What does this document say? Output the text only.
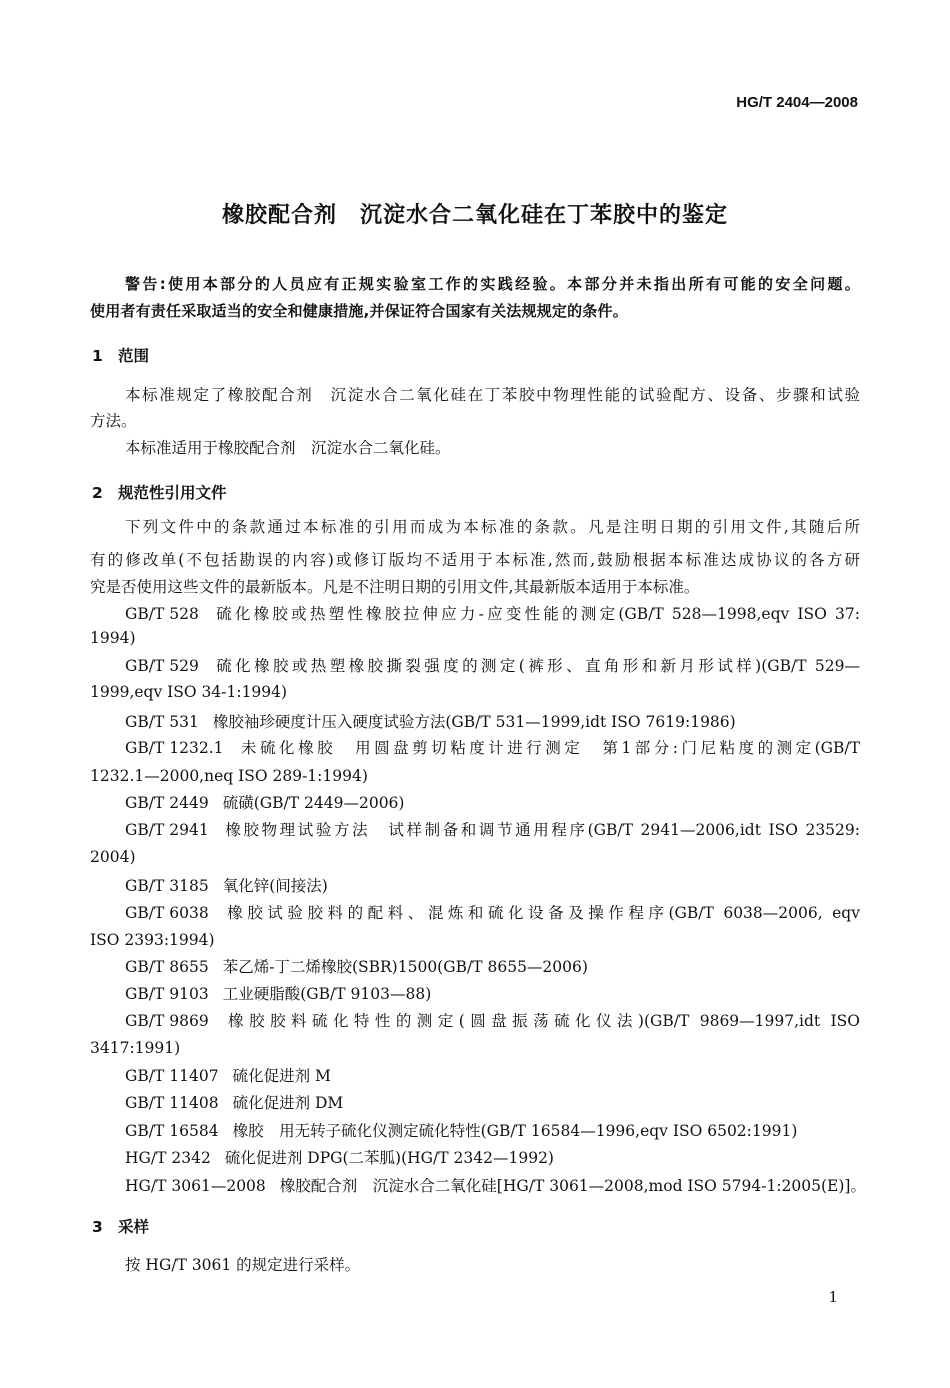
HG/T 2404—2008
橡胶配合剂　沉淀水合二氧化硅在丁苯胶中的鉴定
警告:使用本部分的人员应有正规实验室工作的实践经验。本部分并未指出所有可能的安全问题。
使用者有责任采取适当的安全和健康措施,并保证符合国家有关法规规定的条件。
1 范围
本标准规定了橡胶配合剂　沉淀水合二氧化硅在丁苯胶中物理性能的试验配方、设备、步骤和试验
方法。
本标准适用于橡胶配合剂　沉淀水合二氧化硅。
2 规范性引用文件
下列文件中的条款通过本标准的引用而成为本标准的条款。凡是注明日期的引用文件,其随后所
有的修改单(不包括勘误的内容)或修订版均不适用于本标准,然而,鼓励根据本标准达成协议的各方研
究是否使用这些文件的最新版本。凡是不注明日期的引用文件,其最新版本适用于本标准。
GB/T 528 硫化橡胶或热塑性橡胶拉伸应力-应变性能的测定(GB/T 528—1998,eqv ISO 37:
1994)
GB/T 529 硫化橡胶或热塑橡胶撕裂强度的测定(裤形、直角形和新月形试样)(GB/T 529—
1999,eqv ISO 34-1:1994)
GB/T 531 橡胶袖珍硬度计压入硬度试验方法(GB/T 531—1999,idt ISO 7619:1986)
GB/T 1232.1 未硫化橡胶　用圆盘剪切粘度计进行测定　第1部分:门尼粘度的测定(GB/T
1232.1—2000,neq ISO 289-1:1994)
GB/T 2449 硫磺(GB/T 2449—2006)
GB/T 2941 橡胶物理试验方法　试样制备和调节通用程序(GB/T 2941—2006,idt ISO 23529:
2004)
GB/T 3185 氧化锌(间接法)
GB/T 6038 橡胶试验胶料的配料、混炼和硫化设备及操作程序(GB/T 6038—2006, eqv
ISO 2393:1994)
GB/T 8655 苯乙烯-丁二烯橡胶(SBR)1500(GB/T 8655—2006)
GB/T 9103 工业硬脂酸(GB/T 9103—88)
GB/T 9869 橡胶胶料硫化特性的测定(圆盘振荡硫化仪法)(GB/T 9869—1997,idt ISO
3417:1991)
GB/T 11407 硫化促进剂 M
GB/T 11408 硫化促进剂 DM
GB/T 16584 橡胶　用无转子硫化仪测定硫化特性(GB/T 16584—1996,eqv ISO 6502:1991)
HG/T 2342 硫化促进剂 DPG(二苯胍)(HG/T 2342—1992)
HG/T 3061—2008 橡胶配合剂　沉淀水合二氧化硅[HG/T 3061—2008,mod ISO 5794-1:2005(E)]。
3 采样
按 HG/T 3061 的规定进行采样。
1
